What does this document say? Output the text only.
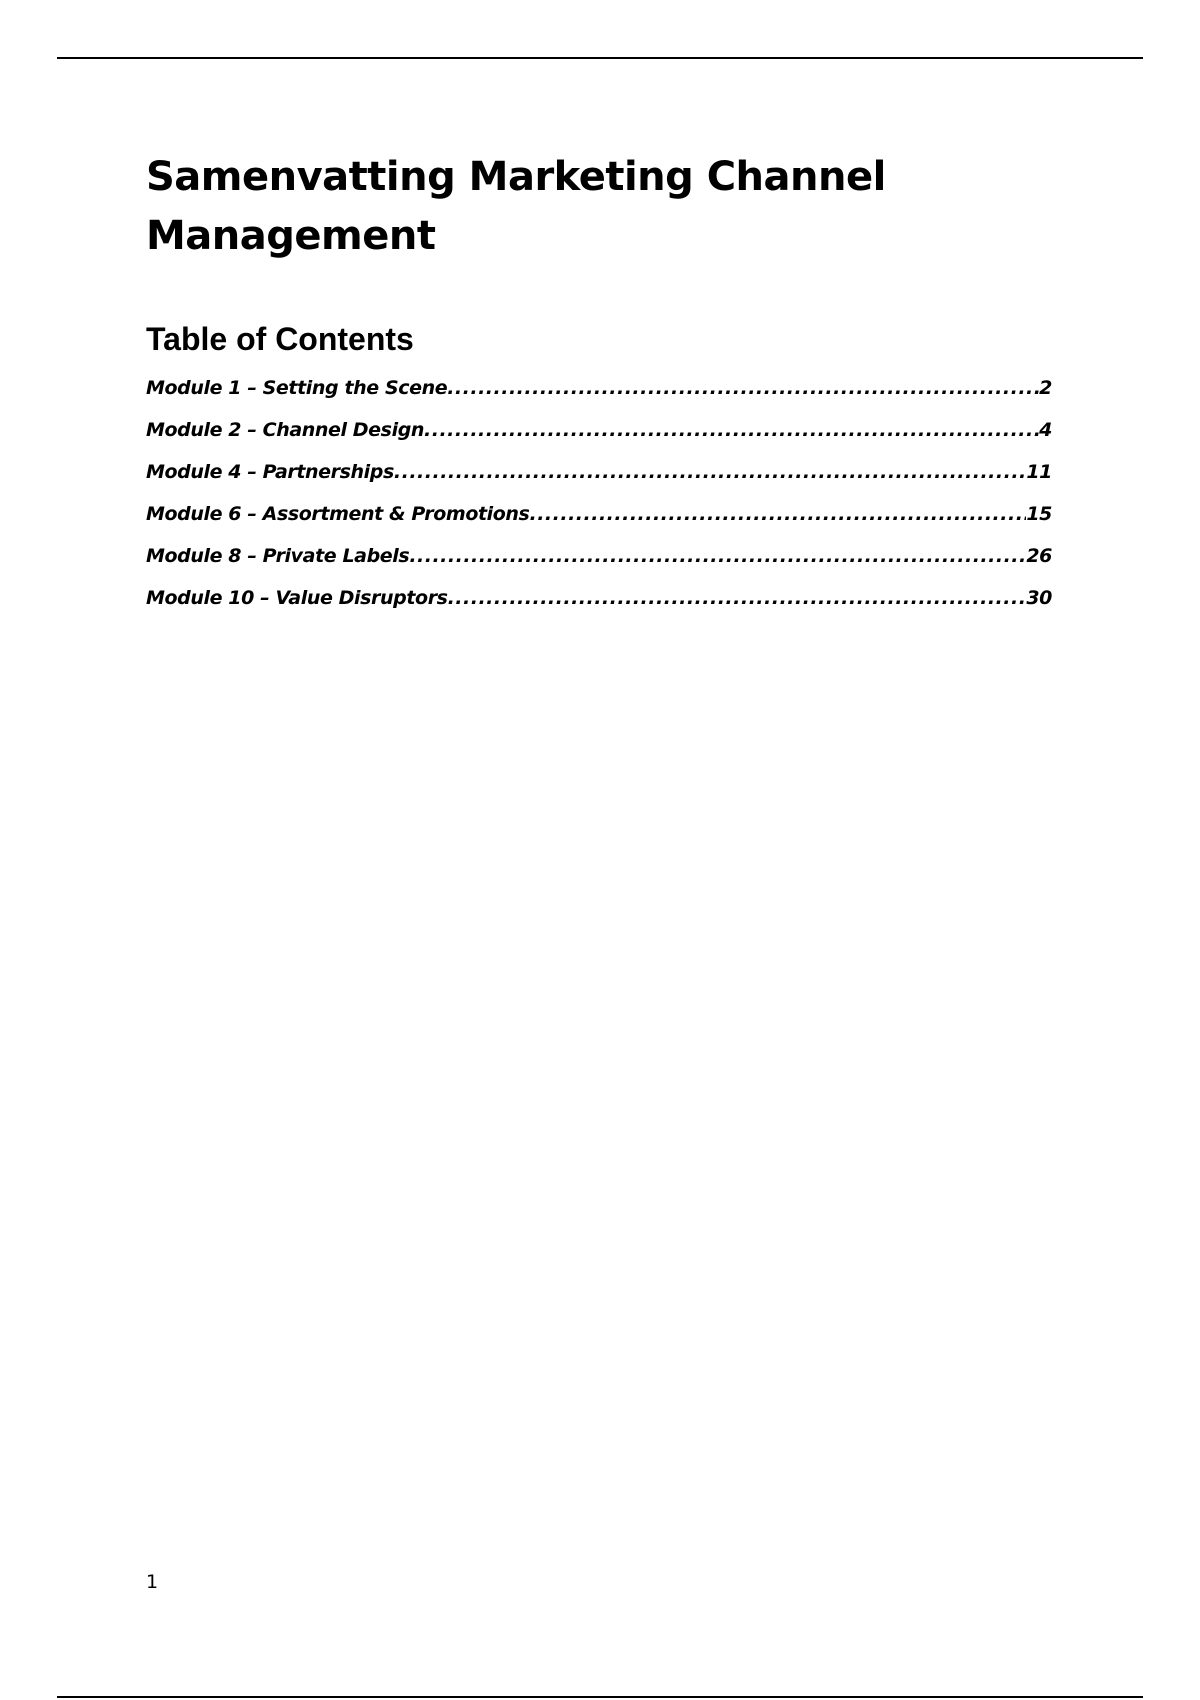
Samenvatting Marketing Channel Management
Table of Contents
Module 1 – Setting the Scene .....	2
Module 2 – Channel Design .....	4
Module 4 – Partnerships .....	11
Module 6 – Assortment & Promotions .....	15
Module 8 – Private Labels .....	26
Module 10 – Value Disruptors .....	30
1
